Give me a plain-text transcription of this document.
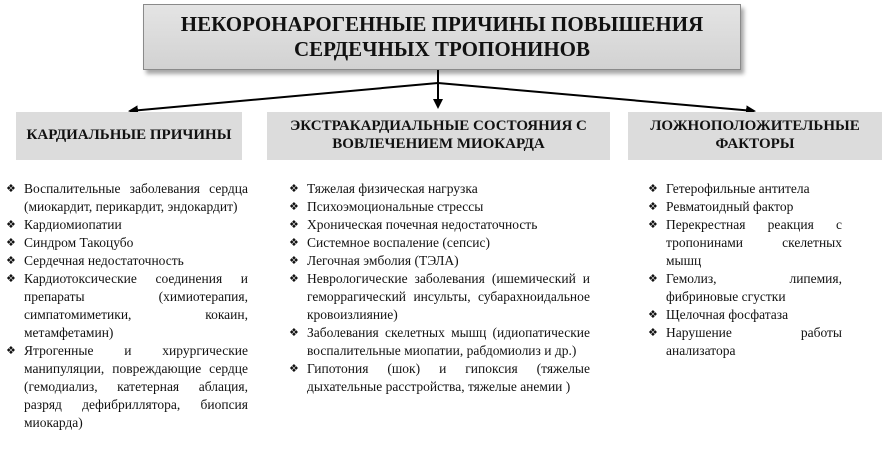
НЕКОРОНАРОГЕННЫЕ ПРИЧИНЫ ПОВЫШЕНИЯ СЕРДЕЧНЫХ ТРОПОНИНОВ
КАРДИАЛЬНЫЕ ПРИЧИНЫ
ЭКСТРАКАРДИАЛЬНЫЕ СОСТОЯНИЯ С ВОВЛЕЧЕНИЕМ МИОКАРДА
ЛОЖНОПОЛОЖИТЕЛЬНЫЕ ФАКТОРЫ
❖ Воспалительные заболевания сердца (миокардит, перикардит, эндокардит)
❖ Кардиомиопатии
❖ Синдром Такоцубо
❖ Сердечная недостаточность
❖ Кардиотоксические соединения и препараты (химиотерапия, симпатомиметики, кокаин, метамфетамин)
❖ Ятрогенные и хирургические манипуляции, повреждающие сердце (гемодиализ, катетерная аблация, разряд дефибриллятора, биопсия миокарда)
❖ Тяжелая физическая нагрузка
❖ Психоэмоциональные стрессы
❖ Хроническая почечная недостаточность
❖ Системное воспаление (сепсис)
❖ Легочная эмболия (ТЭЛА)
❖ Неврологические заболевания (ишемический и геморрагический инсульты, субарахноидальное кровоизлияние)
❖ Заболевания скелетных мышц (идиопатические воспалительные миопатии, рабдомиолиз и др.)
❖ Гипотония (шок) и гипоксия (тяжелые дыхательные расстройства, тяжелые анемии )
❖ Гетерофильные антитела
❖ Ревматоидный фактор
❖ Перекрестная реакция с тропонинами скелетных мышц
❖ Гемолиз, липемия, фибриновые сгустки
❖ Щелочная фосфатаза
❖ Нарушение работы анализатора
